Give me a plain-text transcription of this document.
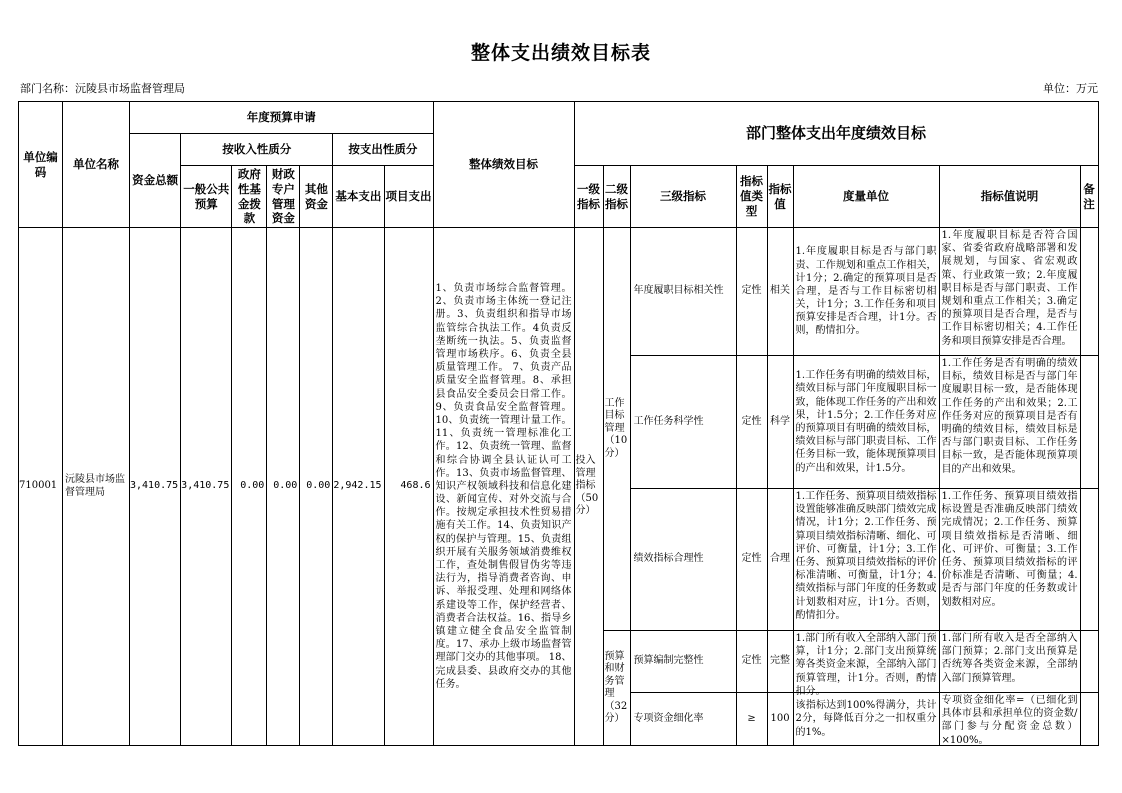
整体支出绩效目标表
部门名称：沅陵县市场监督管理局	单位：万元
单位编码	单位名称	年度预算申请							整体绩效目标	部门整体支出年度绩效目标							
		资金总额	按收入性质分				按支出性质分										

			一般公共预算	政府性基金拨款	财政专户管理资金	其他资金	基本支出	项目支出		一级指标	二级指标	三级指标	指标值类型	指标值	度量单位	指标值说明	备注
710001	沅陵县市场监督管理局	3,410.75	3,410.75	0.00	0.00	0.00	2,942.15	468.6	1、负责市场综合监督管理。2、负责市场主体统一登记注册。3、负责组织和指导市场监管综合执法工作。4负责反垄断统一执法。5、负责监督管理市场秩序。6、负责全县质量管理工作。 7、负责产品质量安全监督管理。8、承担县食品安全委员会日常工作。9、负责食品安全监督管理。10、负责统一管理计量工作。11、负责统一管理标准化工作。12、负责统一管理、监督和综合协调全县认证认可工作。13、负责市场监督管理、知识产权领域科技和信息化建设、新闻宣传、对外交流与合作。按规定承担技术性贸易措施有关工作。14、负责知识产权的保护与管理。15、负责组织开展有关服务领域消费维权工作，查处制售假冒伪劣等违法行为，指导消费者咨询、申诉、举报受理、处理和网络体系建设等工作，保护经营者、消费者合法权益。16、指导乡镇建立健全食品安全监管制度。17、承办上级市场监督管理部门交办的其他事项。 18、完成县委、县政府交办的其他任务。	投入管理指标（50分）	工作目标管理（10分）	年度履职目标相关性	定性	相关	1.年度履职目标是否与部门职责、工作规划和重点工作相关，计1分；2.确定的预算项目是否合理，是否与工作目标密切相关，计1分；3.工作任务和项目预算安排是否合理，计1分。否则，酌情扣分。	1.年度履职目标是否符合国家、省委省政府战略部署和发展规划，与国家、省宏观政策、行业政策一致；2.年度履职目标是否与部门职责、工作规划和重点工作相关；3.确定的预算项目是否合理，是否与工作目标密切相关；4.工作任务和项目预算安排是否合理。	

												工作任务科学性	定性	科学	1.工作任务有明确的绩效目标，绩效目标与部门年度履职目标一致，能体现工作任务的产出和效果，计1.5分；2.工作任务对应的预算项目有明确的绩效目标，绩效目标与部门职责目标、工作任务目标一致，能体现预算项目的产出和效果，计1.5分。	1.工作任务是否有明确的绩效目标，绩效目标是否与部门年度履职目标一致，是否能体现工作任务的产出和效果；2.工作任务对应的预算项目是否有明确的绩效目标，绩效目标是否与部门职责目标、工作任务目标一致，是否能体现预算项目的产出和效果。	

												绩效指标合理性	定性	合理	1.工作任务、预算项目绩效指标设置能够准确反映部门绩效完成情况，计1分；2.工作任务、预算项目绩效指标清晰、细化、可评价、可衡量，计1分；3.工作任务、预算项目绩效指标的评价标准清晰、可衡量，计1分；4.绩效指标与部门年度的任务数或计划数相对应，计1分。否则，酌情扣分。	1.工作任务、预算项目绩效指标设置是否准确反映部门绩效完成情况；2.工作任务、预算项目绩效指标是否清晰、细化、可评价、可衡量；3.工作任务、预算项目绩效指标的评价标准是否清晰、可衡量；4.是否与部门年度的任务数或计划数相对应。	

											预算和财务管理（32分）	预算编制完整性	定性	完整	1.部门所有收入全部纳入部门预算，计1分；2.部门支出预算统筹各类资金来源，全部纳入部门预算管理，计1分。否则，酌情扣分。	1.部门所有收入是否全部纳入部门预算；2.部门支出预算是否统筹各类资金来源，全部纳入部门预算管理。	

												专项资金细化率	≥	100	该指标达到100%得满分，共计2分，每降低百分之一扣权重分的1%。	专项资金细化率=（已细化到具体市县和承担单位的资金数/部门参与分配资金总数）×100%。	
